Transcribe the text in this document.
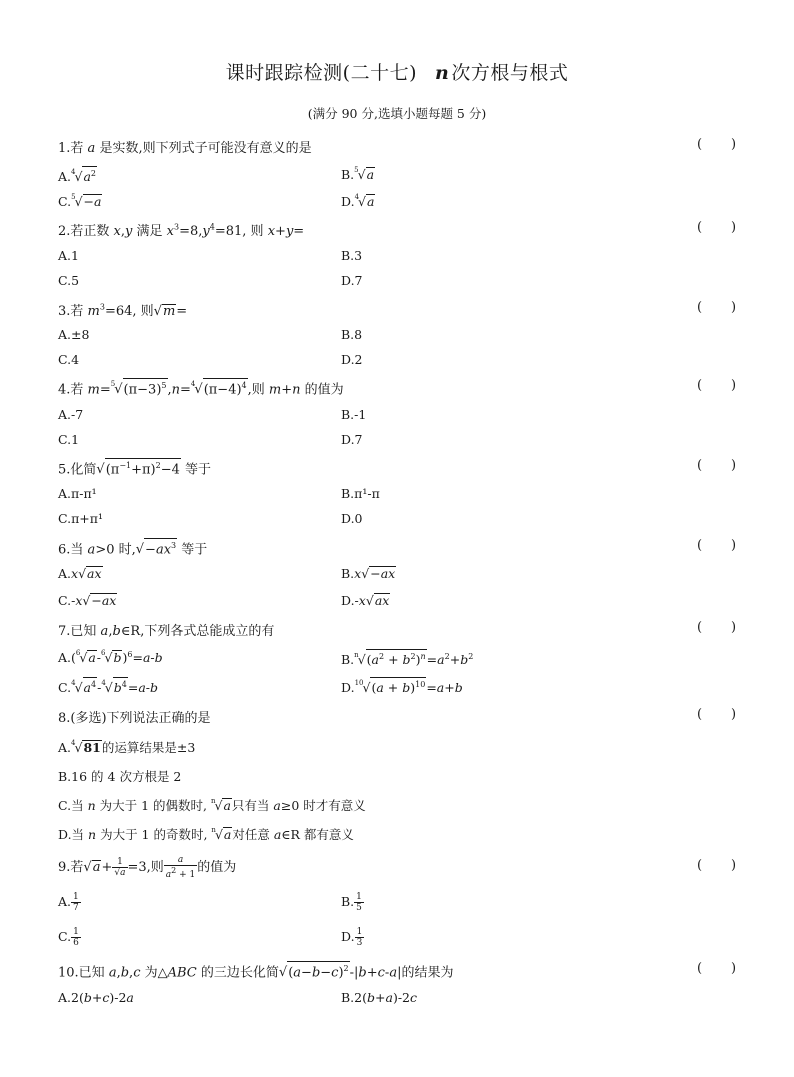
课时跟踪检测(二十七) n 次方根与根式
(满分 90 分,选填小题每题 5 分)
1.若 a 是实数,则下列式子可能没有意义的是	(       )
A.$^4$√ $a^2$	B.$^5$√ a
C.$^5$√ −a	D.$^4$√ a
2.若正数 x,y 满足 $x^3=8,y^4=81$, 则 x+y=	(       )
A.1	B.3
C.5	D.7
3.若 $m^3=64$, 则√ m=	(       )
A.±8	B.8
C.4	D.2
4.若 m=$^5$√ $(\pi-3)^5,n=^4√$ $(\pi-4)^4$,则 m+n 的值为	(       )
A.-7	B.-1
C.1	D.7
5.化简√ $(\pi^{-1}+\pi)^2-4$ 等于	(       )
A.π-π¹	B.π¹-π
C.π+π¹	D.0
6.当 a>0 时,√ $-ax^3$ 等于	(       )
A.x√ ax	B.x√ −ax
C.-x√ −ax	D.-x√ ax
7.已知 a,b∈R,下列各式总能成立的有	(       )
A.($^6$√ a-$^6$√ b)$^6$=a-b	B.$^n$√ $(a^2 + b^2)^n=a^2+b^2$
C.$^4$√ $a^4-^4√$ $b^4=a-b$	D.$^{10}$√ $(a + b)^{10}=a+b$
8.(多选)下列说法正确的是	(       )
A.$^4$√ 81的运算结果是±3
B.16 的 4 次方根是 2
C.当 n 为大于 1 的偶数时, $^n$√ a只有当 a≥0 时才有意义
D.当 n 为大于 1 的奇数时, $^n$√ a对任意 a∈R 都有意义
9.若√ $a+ \frac{1}{√a} =3$,则 $\frac{a}{a^2 + 1}$ 的值为	(       )
A. $\frac{1}{7}$	B. $\frac{1}{5}$
C. $\frac{1}{6}$	D. $\frac{1}{3}$
10.已知 a,b,c 为△ABC 的三边长化简√ $(a-b-c)^2-|b+c-a|$的结果为	(       )
A.2(b+c)-2a	B.2(b+a)-2c
